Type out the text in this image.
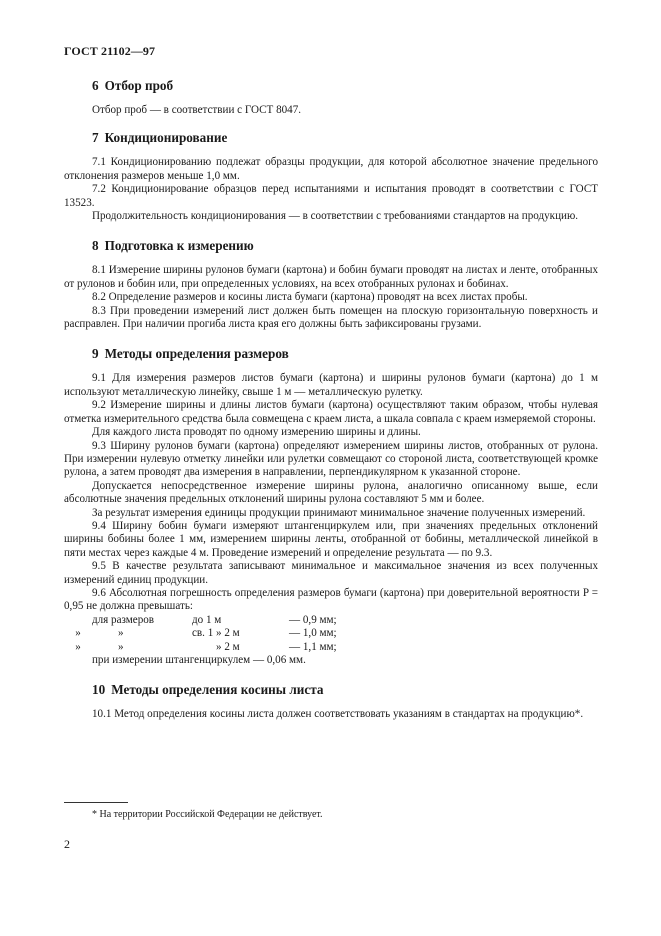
ГОСТ 21102—97
6 Отбор проб

Отбор проб — в соответствии с ГОСТ 8047.

7 Кондиционирование

7.1 Кондиционированию подлежат образцы продукции, для которой абсолютное значение предельного отклонения размеров меньше 1,0 мм.

7.2 Кондиционирование образцов перед испытаниями и испытания проводят в соответствии с ГОСТ 13523.

Продолжительность кондиционирования — в соответствии с требованиями стандартов на продукцию.

8 Подготовка к измерению

8.1 Измерение ширины рулонов бумаги (картона) и бобин бумаги проводят на листах и ленте, отобранных от рулонов и бобин или, при определенных условиях, на всех отобранных рулонах и бобинах.

8.2 Определение размеров и косины листа бумаги (картона) проводят на всех листах пробы.

8.3 При проведении измерений лист должен быть помещен на плоскую горизонтальную поверхность и расправлен. При наличии прогиба листа края его должны быть зафиксированы грузами.

9 Методы определения размеров

9.1 Для измерения размеров листов бумаги (картона) и ширины рулонов бумаги (картона) до 1 м используют металлическую линейку, свыше 1 м — металлическую рулетку.

9.2 Измерение ширины и длины листов бумаги (картона) осуществляют таким образом, чтобы нулевая отметка измерительного средства была совмещена с краем листа, а шкала совпала с краем измеряемой стороны.

Для каждого листа проводят по одному измерению ширины и длины.

9.3 Ширину рулонов бумаги (картона) определяют измерением ширины листов, отобранных от рулона. При измерении нулевую отметку линейки или рулетки совмещают со стороной листа, соответствующей кромке рулона, а затем проводят два измерения в направлении, перпендикулярном к указанной стороне.

Допускается непосредственное измерение ширины рулона, аналогично описанному выше, если абсолютные значения предельных отклонений ширины рулона составляют 5 мм и более.

За результат измерения единицы продукции принимают минимальное значение полученных измерений.

9.4 Ширину бобин бумаги измеряют штангенциркулем или, при значениях предельных отклонений ширины бобины более 1 мм, измерением ширины ленты, отобранной от бобины, металлической линейкой в пяти местах через каждые 4 м. Проведение измерений и определение результата — по 9.3.

9.5 В качестве результата записывают минимальное и максимальное значения из всех полученных измерений единиц продукции.

9.6 Абсолютная погрешность определения размеров бумаги (картона) при доверительной вероятности P = 0,95 не должна превышать:

для размеров	до 1 м	— 0,9 мм;
»	»	св. 1 » 2 м	— 1,0 мм;
»	»	» 2 м	— 1,1 мм;

при измерении штангенциркулем — 0,06 мм.

10 Методы определения косины листа

10.1 Метод определения косины листа должен соответствовать указаниям в стандартах на продукцию*.

* На территории Российской Федерации не действует.
2
